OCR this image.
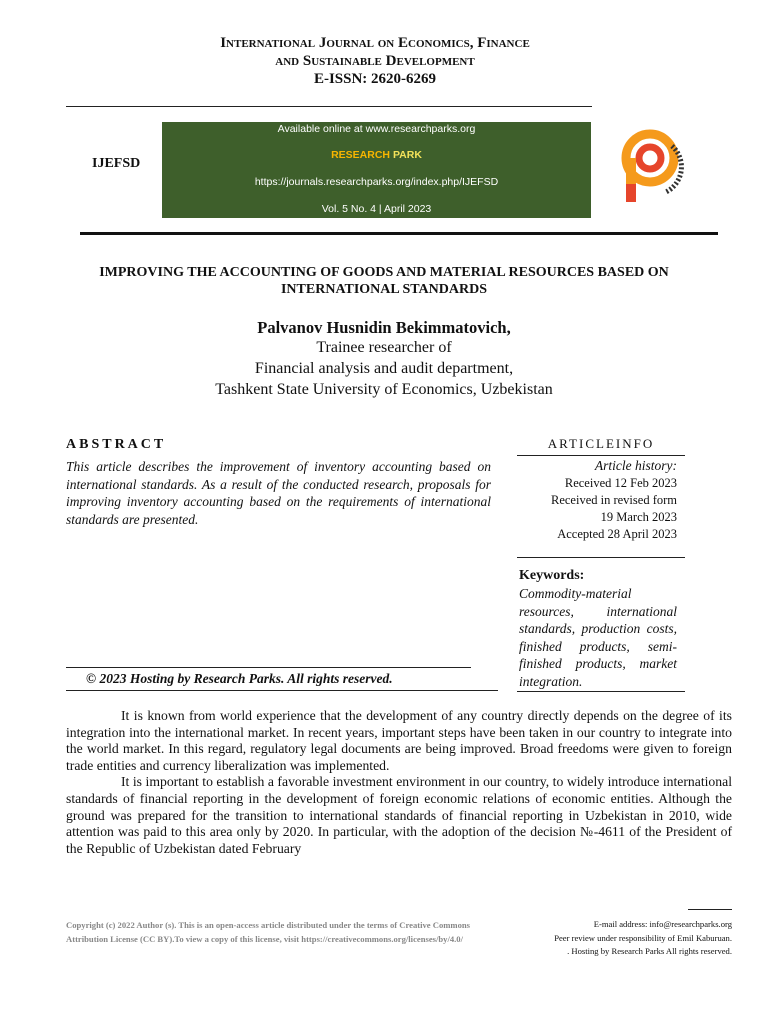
International Journal on Economics, Finance
and Sustainable Development
E-ISSN: 2620-6269
IJEFSD
Available online at www.researchparks.org
RESEARCH PARK
https://journals.researchparks.org/index.php/IJEFSD
Vol. 5 No. 4 | April 2023
IMPROVING THE ACCOUNTING OF GOODS AND MATERIAL RESOURCES BASED ON INTERNATIONAL STANDARDS
Palvanov Husnidin Bekimmatovich,
Trainee researcher of
Financial analysis and audit department,
Tashkent State University of Economics, Uzbekistan
ABSTRACT
This article describes the improvement of inventory accounting based on international standards. As a result of the conducted research, proposals for improving inventory accounting based on the requirements of international standards are presented.
© 2023 Hosting by Research Parks. All rights reserved.
ARTICLEINFO
Article history:
Received 12 Feb 2023
Received in revised form
19 March 2023
Accepted 28 April 2023
Keywords:
Commodity-material resources, international standards, production costs, finished products, semi-finished products, market integration.

It is known from world experience that the development of any country directly depends on the degree of its integration into the international market. In recent years, important steps have been taken in our country to integrate into the world market. In this regard, regulatory legal documents are being improved. Broad freedoms were given to foreign trade entities and currency liberalization was implemented.

It is important to establish a favorable investment environment in our country, to widely introduce international standards of financial reporting in the development of foreign economic relations of economic entities. Although the ground was prepared for the transition to international standards of financial reporting in Uzbekistan in 2010, wide attention was paid to this area only by 2020. In particular, with the adoption of the decision №-4611 of the President of the Republic of Uzbekistan dated February

Copyright (c) 2022 Author (s). This is an open-access article distributed under the terms of Creative Commons Attribution License (CC BY).To view a copy of this license, visit https://creativecommons.org/licenses/by/4.0/
E-mail address: info@researchparks.org
Peer review under responsibility of Emil Kaburuan.
. Hosting by Research Parks All rights reserved.
